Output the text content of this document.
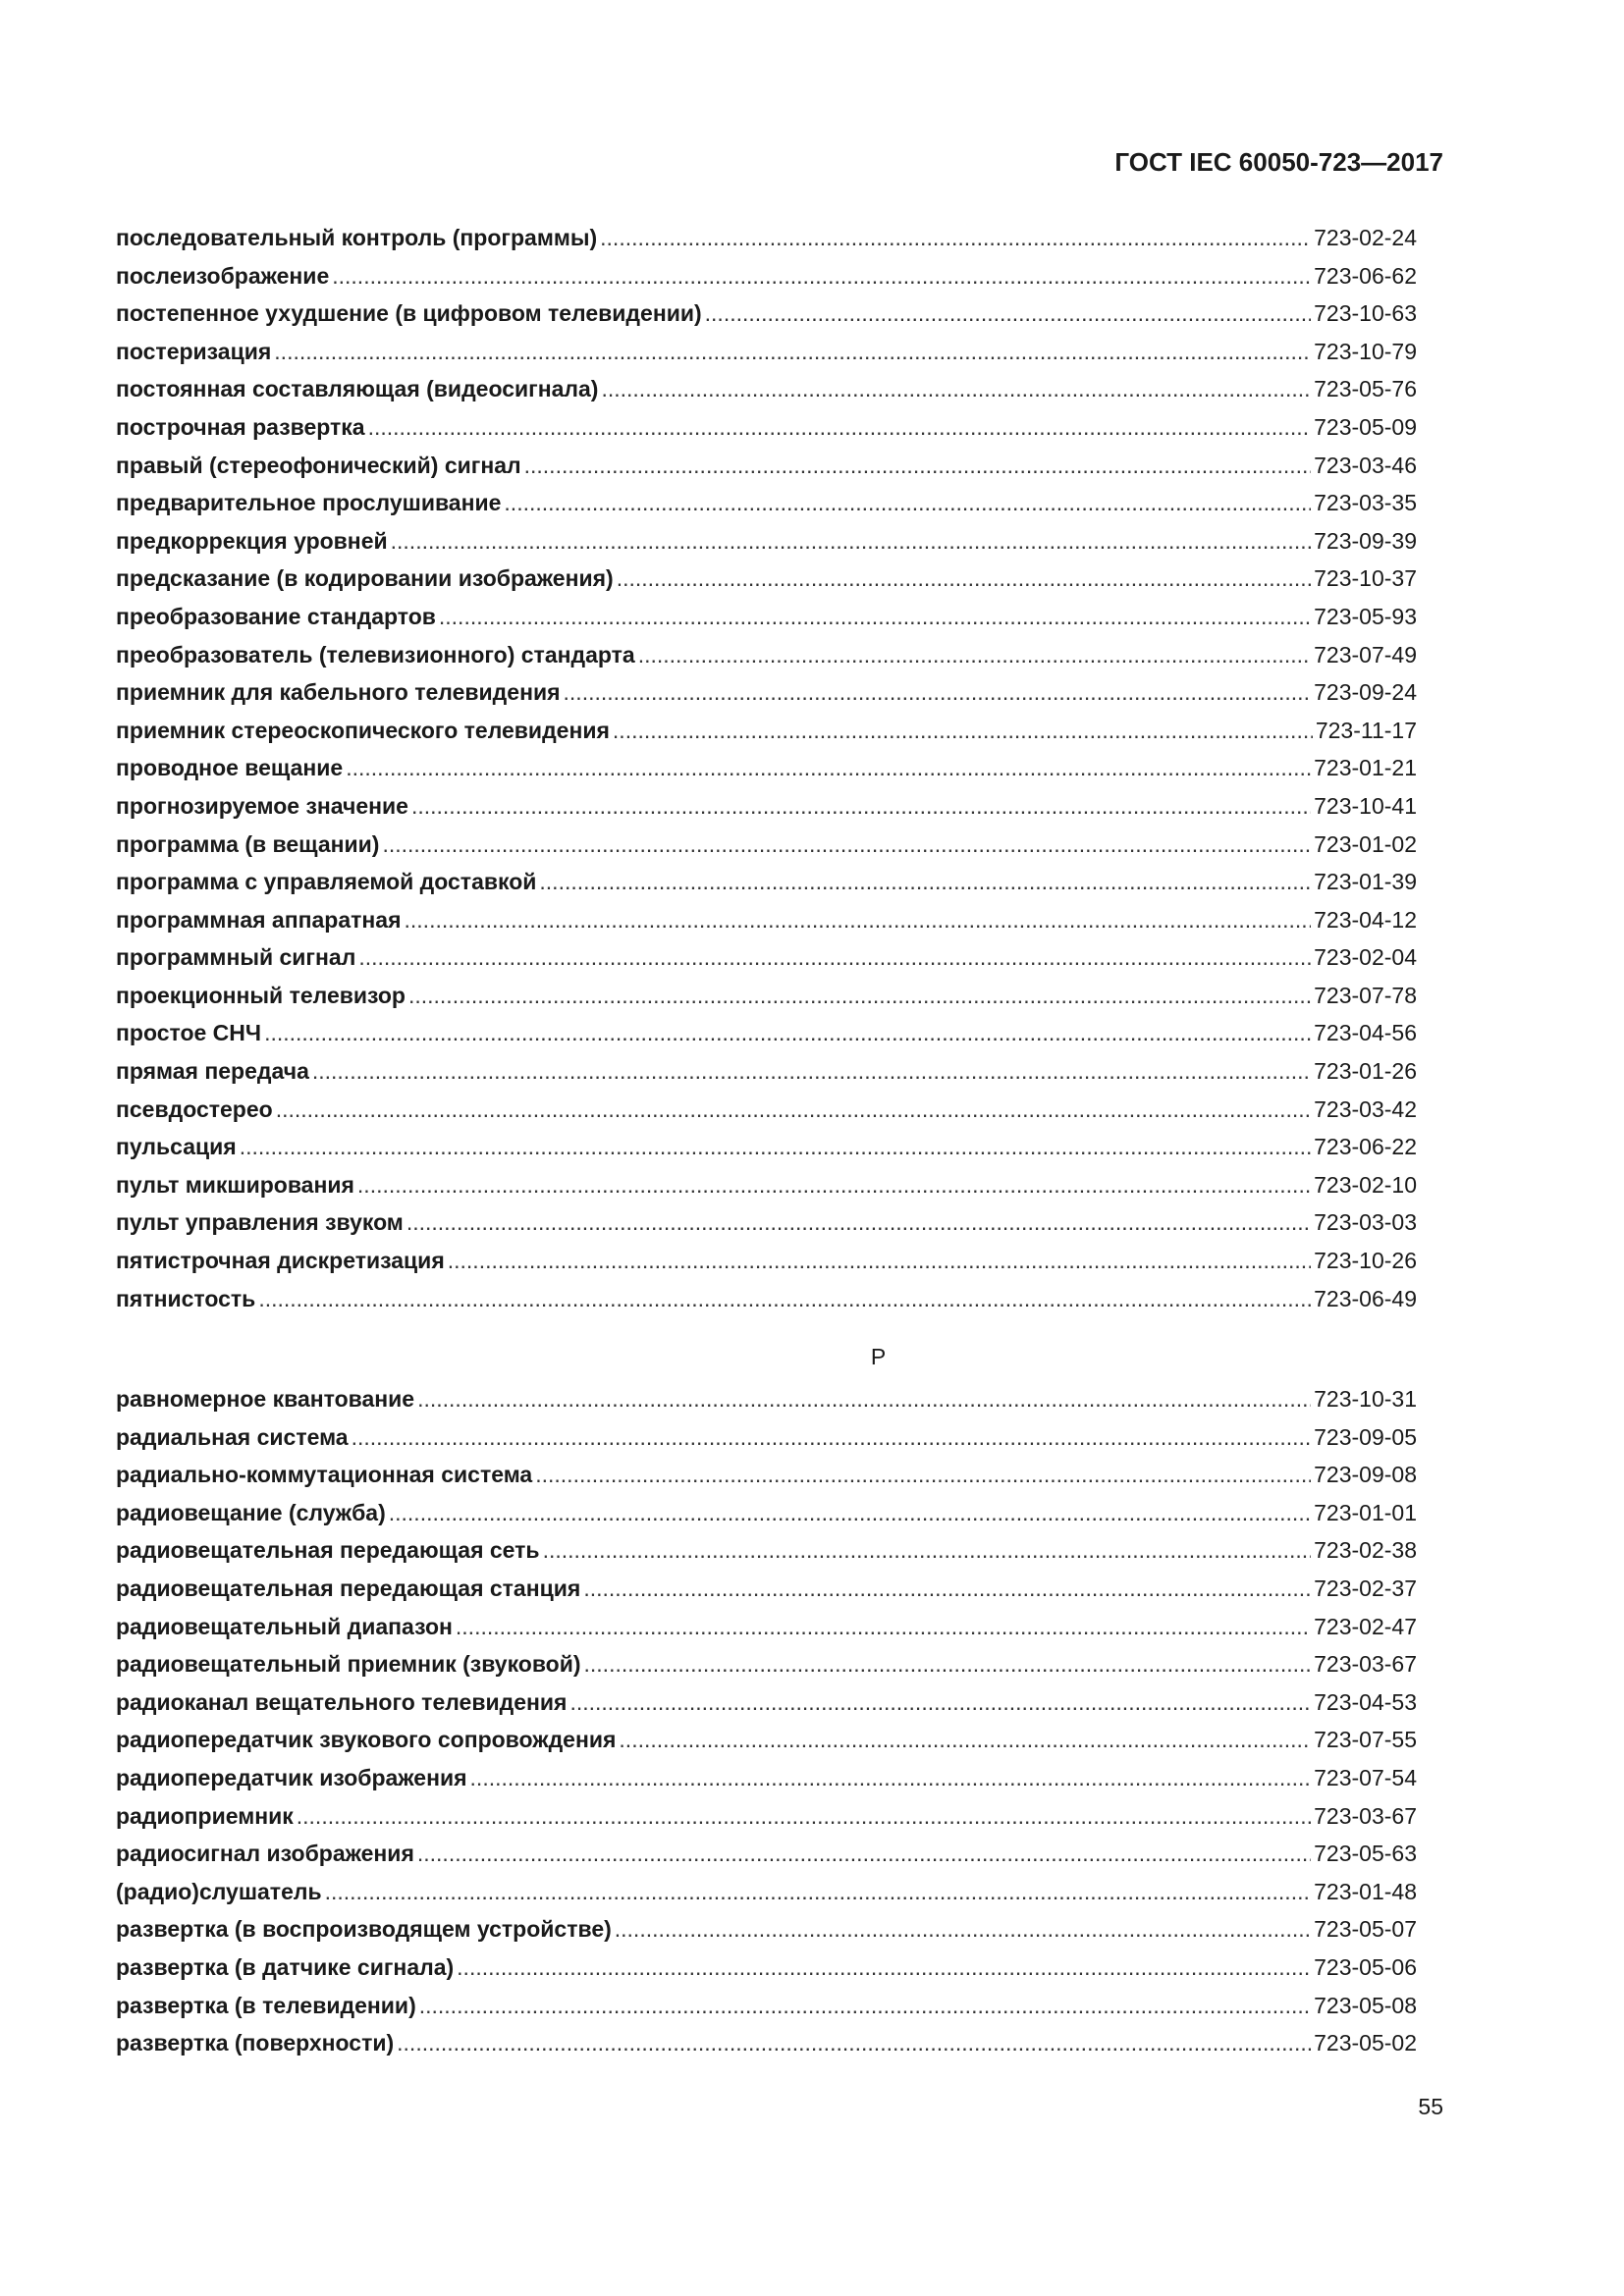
ГОСТ IEC 60050-723—2017
последовательный контроль (программы) .....	723-02-24
послеизображение .....	723-06-62
постепенное ухудшение (в цифровом телевидении) .....	723-10-63
постеризация .....	723-10-79
постоянная составляющая (видеосигнала) .....	723-05-76
построчная развертка .....	723-05-09
правый (стереофонический) сигнал .....	723-03-46
предварительное прослушивание .....	723-03-35
предкоррекция уровней .....	723-09-39
предсказание (в кодировании изображения) .....	723-10-37
преобразование стандартов .....	723-05-93
преобразователь (телевизионного) стандарта .....	723-07-49
приемник для кабельного телевидения .....	723-09-24
приемник стереоскопического телевидения .....	723-11-17
проводное вещание .....	723-01-21
прогнозируемое значение .....	723-10-41
программа (в вещании) .....	723-01-02
программа с управляемой доставкой .....	723-01-39
программная аппаратная .....	723-04-12
программный сигнал .....	723-02-04
проекционный телевизор .....	723-07-78
простое СНЧ .....	723-04-56
прямая передача .....	723-01-26
псевдостерео .....	723-03-42
пульсация .....	723-06-22
пульт микширования .....	723-02-10
пульт управления звуком .....	723-03-03
пятистрочная дискретизация .....	723-10-26
пятнистость .....	723-06-49
Р
равномерное квантование .....	723-10-31
радиальная система .....	723-09-05
радиально-коммутационная система .....	723-09-08
радиовещание (служба) .....	723-01-01
радиовещательная передающая сеть .....	723-02-38
радиовещательная передающая станция .....	723-02-37
радиовещательный диапазон .....	723-02-47
радиовещательный приемник (звуковой) .....	723-03-67
радиоканал вещательного телевидения .....	723-04-53
радиопередатчик звукового сопровождения .....	723-07-55
радиопередатчик изображения .....	723-07-54
радиоприемник .....	723-03-67
радиосигнал изображения .....	723-05-63
(радио)слушатель .....	723-01-48
развертка (в воспроизводящем устройстве) .....	723-05-07
развертка (в датчике сигнала) .....	723-05-06
развертка (в телевидении) .....	723-05-08
развертка (поверхности) .....	723-05-02
55
